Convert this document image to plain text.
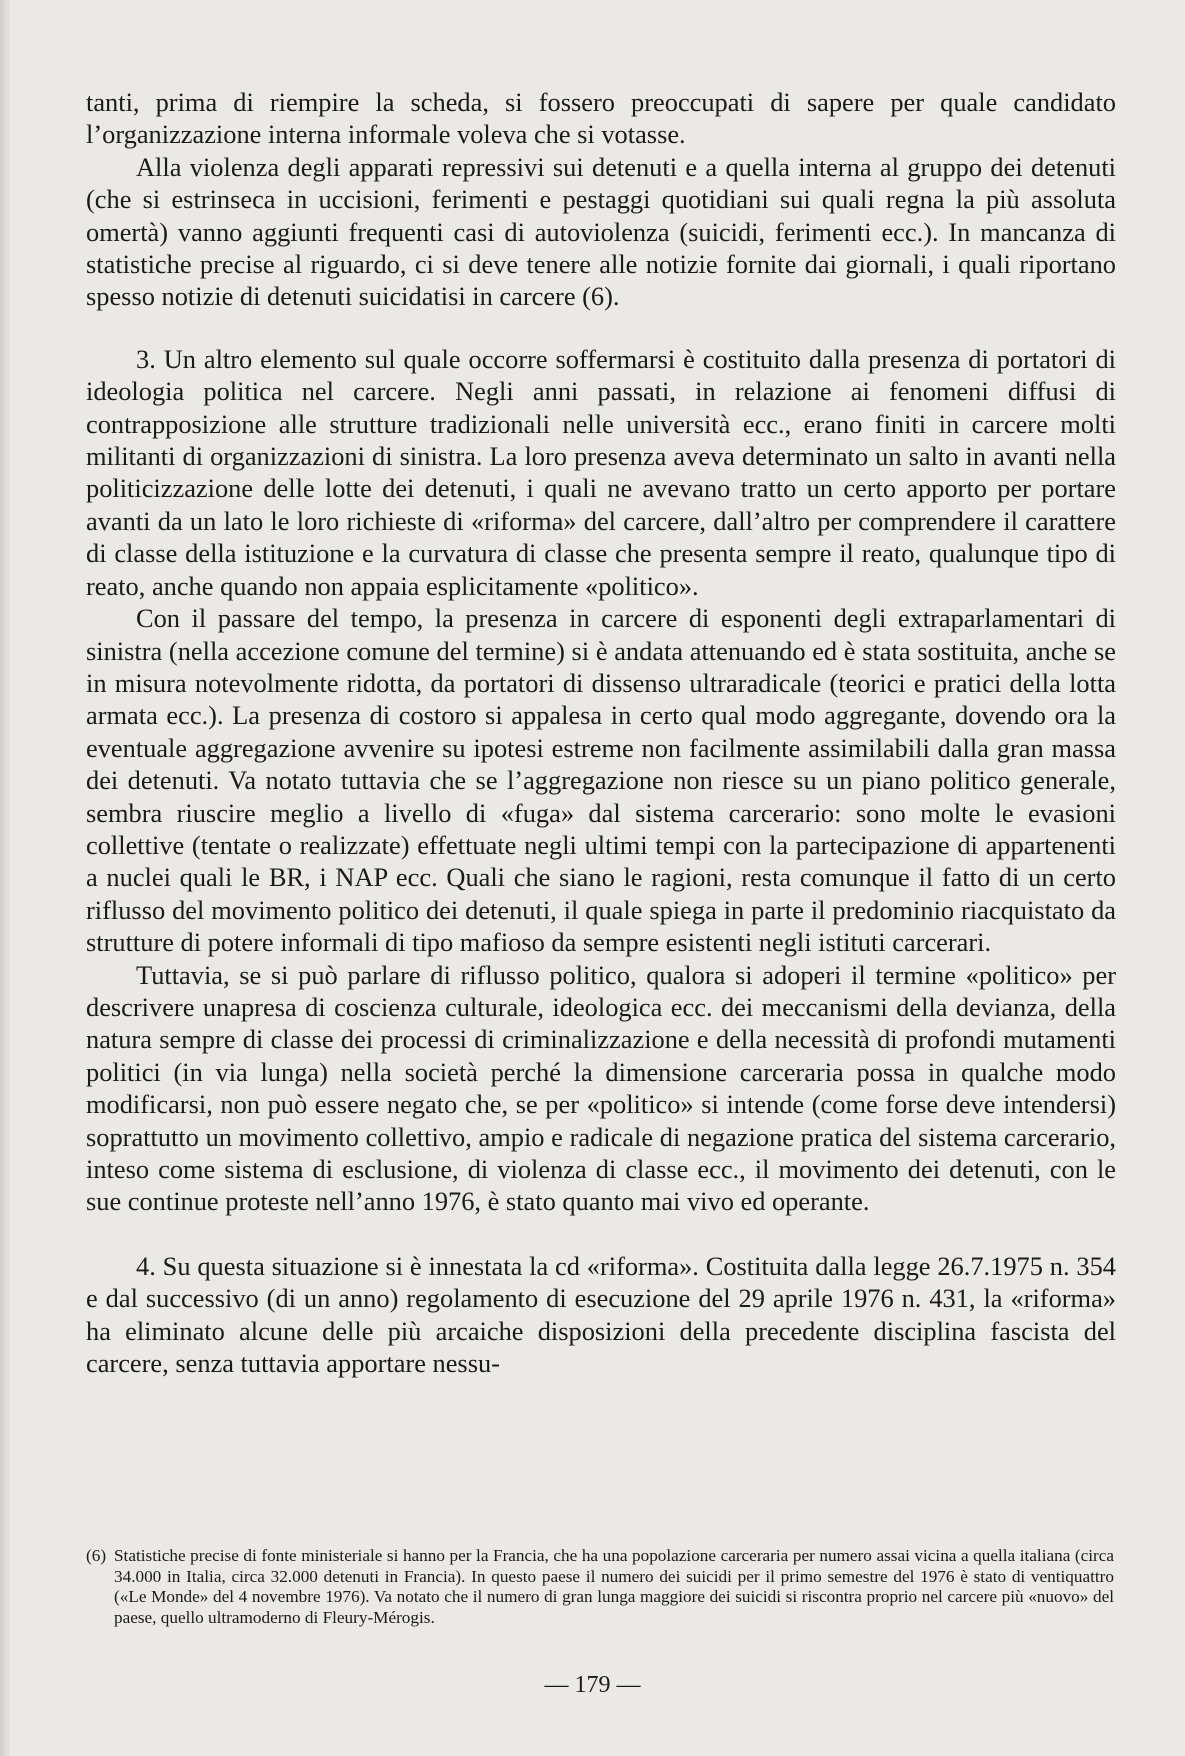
tanti, prima di riempire la scheda, si fossero preoccupati di sapere per quale candidato l’organizzazione interna informale voleva che si votasse.

Alla violenza degli apparati repressivi sui detenuti e a quella interna al gruppo dei detenuti (che si estrinseca in uccisioni, ferimenti e pestaggi quotidiani sui quali regna la più assoluta omertà) vanno aggiunti frequenti casi di autoviolenza (suicidi, ferimenti ecc.). In mancanza di statistiche precise al riguardo, ci si deve tenere alle notizie fornite dai giornali, i quali riportano spesso notizie di detenuti suicidatisi in carcere (6).

3. Un altro elemento sul quale occorre soffermarsi è costituito dalla presenza di portatori di ideologia politica nel carcere. Negli anni passati, in relazione ai fenomeni diffusi di contrapposizione alle strutture tradizionali nelle università ecc., erano finiti in carcere molti militanti di organizzazioni di sinistra. La loro presenza aveva determinato un salto in avanti nella politicizzazione delle lotte dei detenuti, i quali ne avevano tratto un certo apporto per portare avanti da un lato le loro richieste di «riforma» del carcere, dall’altro per comprendere il carattere di classe della istituzione e la curvatura di classe che presenta sempre il reato, qualunque tipo di reato, anche quando non appaia esplicitamente «politico».

Con il passare del tempo, la presenza in carcere di esponenti degli extraparlamentari di sinistra (nella accezione comune del termine) si è andata attenuando ed è stata sostituita, anche se in misura notevolmente ridotta, da portatori di dissenso ultraradicale (teorici e pratici della lotta armata ecc.). La presenza di costoro si appalesa in certo qual modo aggregante, dovendo ora la eventuale aggregazione avvenire su ipotesi estreme non facilmente assimilabili dalla gran massa dei detenuti. Va notato tuttavia che se l’aggregazione non riesce su un piano politico generale, sembra riuscire meglio a livello di «fuga» dal sistema carcerario: sono molte le evasioni collettive (tentate o realizzate) effettuate negli ultimi tempi con la partecipazione di appartenenti a nuclei quali le BR, i NAP ecc. Quali che siano le ragioni, resta comunque il fatto di un certo riflusso del movimento politico dei detenuti, il quale spiega in parte il predominio riacquistato da strutture di potere informali di tipo mafioso da sempre esistenti negli istituti carcerari.

Tuttavia, se si può parlare di riflusso politico, qualora si adoperi il termine «politico» per descrivere unapresa di coscienza culturale, ideologica ecc. dei meccanismi della devianza, della natura sempre di classe dei processi di criminalizzazione e della necessità di profondi mutamenti politici (in via lunga) nella società perché la dimensione carceraria possa in qualche modo modificarsi, non può essere negato che, se per «politico» si intende (come forse deve intendersi) soprattutto un movimento collettivo, ampio e radicale di negazione pratica del sistema carcerario, inteso come sistema di esclusione, di violenza di classe ecc., il movimento dei detenuti, con le sue continue proteste nell’anno 1976, è stato quanto mai vivo ed operante.

4. Su questa situazione si è innestata la cd «riforma». Costituita dalla legge 26.7.1975 n. 354 e dal successivo (di un anno) regolamento di esecuzione del 29 aprile 1976 n. 431, la «riforma» ha eliminato alcune delle più arcaiche disposizioni della precedente disciplina fascista del carcere, senza tuttavia apportare nessu-

(6) Statistiche precise di fonte ministeriale si hanno per la Francia, che ha una popolazione carceraria per numero assai vicina a quella italiana (circa 34.000 in Italia, circa 32.000 detenuti in Francia). In questo paese il numero dei suicidi per il primo semestre del 1976 è stato di ventiquattro («Le Monde» del 4 novembre 1976). Va notato che il numero di gran lunga maggiore dei suicidi si riscontra proprio nel carcere più «nuovo» del paese, quello ultramoderno di Fleury-Mérogis.

— 179 —
